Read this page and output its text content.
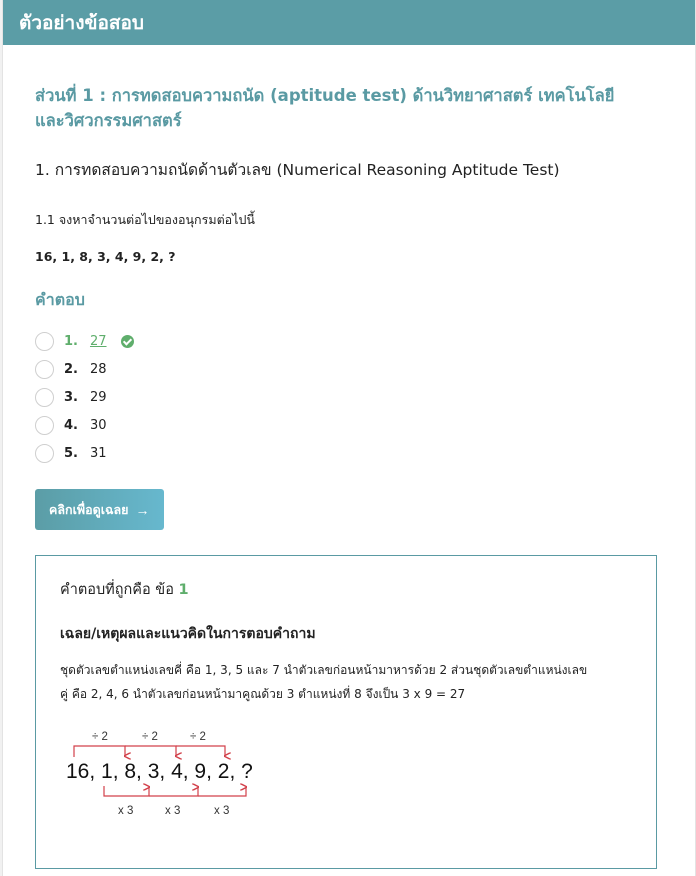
ตัวอย่างข้อสอบ
ส่วนที่ 1 : การทดสอบความถนัด (aptitude test) ด้านวิทยาศาสตร์ เทคโนโลยี และวิศวกรรมศาสตร์
1. การทดสอบความถนัดด้านตัวเลข (Numerical Reasoning Aptitude Test)
1.1 จงหาจำนวนต่อไปของอนุกรมต่อไปนี้
16, 1, 8, 3, 4, 9, 2, ?
คำตอบ
1. 27
2. 28
3. 29
4. 30
5. 31
คลิกเพื่อดูเฉลย →
คำตอบที่ถูกคือ ข้อ 1
เฉลย/เหตุผลและแนวคิดในการตอบคำถาม
ชุดตัวเลขตำแหน่งเลขคี่ คือ 1, 3, 5 และ 7 นำตัวเลขก่อนหน้ามาหารด้วย 2 ส่วนชุดตัวเลขตำแหน่งเลข
คู่ คือ 2, 4, 6 นำตัวเลขก่อนหน้ามาคูณด้วย 3 ตำแหน่งที่ 8 จึงเป็น 3 x 9 = 27
÷ 2	÷ 2	÷ 2
16, 1, 8, 3, 4, 9, 2, ?
x 3	x 3	x 3
